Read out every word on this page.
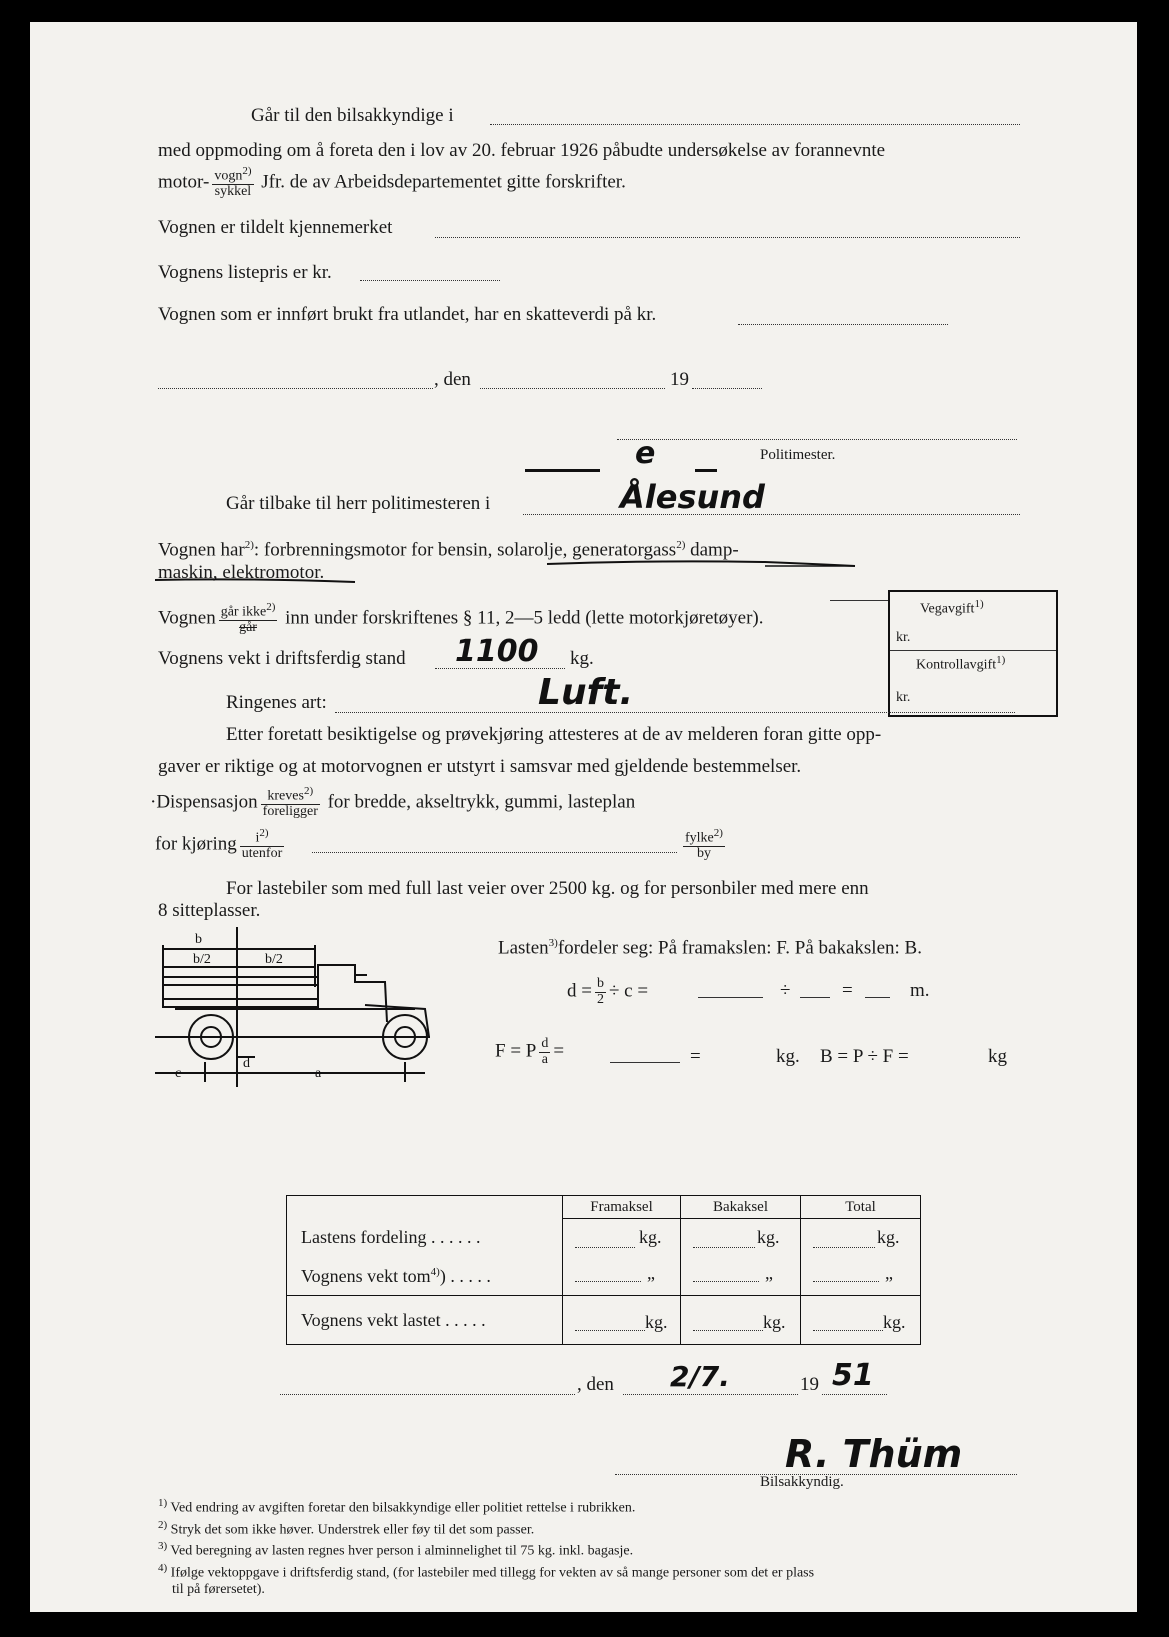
Går til den bilsakkyndige i
med oppmoding om å foreta den i lov av 20. februar 1926 påbudte undersøkelse av forannevnte
motor- $\frac{vogn^{2)}}{\text{sykkel}}$ Jfr. de av Arbeidsdepartementet gitte forskrifter.
Vognen er tildelt kjennemerket
Vognens listepris er kr.
Vognen som er innført brukt fra utlandet, har en skatteverdi på kr.
, den	19
e	Politimester.
Går tilbake til herr politimesteren i	Ålesund
Vognen har$^{2)}$: forbrenningsmotor for bensin, solarolje, generatorgass$^{2)}$ damp-
maskin, elektromotor.
Vegavgift$^{1)}$
kr.
Kontrollavgift$^{1)}$
kr.
Vognen $\frac{går ikke^{2)}}{\text{går}}$ inn under forskriftenes § 11, 2—5 ledd (lette motorkjøretøyer).
Vognens vekt i driftsferdig stand 1100 kg.
Ringenes art:	Luft.
Etter foretatt besiktigelse og prøvekjøring attesteres at de av melderen foran gitte opp-
gaver er riktige og at motorvognen er utstyrt i samsvar med gjeldende bestemmelser.
·Dispensasjon $\frac{kreves^{2)}}{\text{foreligger}}$ for bredde, akseltrykk, gummi, lasteplan
for kjøring $\frac{i^{2)}}{\text{utenfor}}$	$\frac{fylke^{2)}}{by}$
For lastebiler som med full last veier over 2500 kg. og for personbiler med mere enn
8 sitteplasser.
b
b/2	b/2
c
d
a
Lasten$^{3)}$fordeler seg: På framakslen: F. På bakakslen: B.
$d = \frac{b}{2} \div c$ =	÷	=	m.
F = P $\frac{d}{a}$ =	=	kg. B = P ÷ F =	kg
	Framaksel	Bakaksel	Total
Lastens fordeling . . . . . .	kg.	kg.	kg.

Vognens vekt tom$^{4)}$) . . . . .	„	„	„

Vognens vekt lastet . . . . .	kg.	kg.	kg.
, den 2/7.	19 51
R. Thüm
Bilsakkyndig.
$^{1)}$ Ved endring av avgiften foretar den bilsakkyndige eller politiet rettelse i rubrikken.
$^{2)}$ Stryk det som ikke høver. Understrek eller føy til det som passer.
$^{3)}$ Ved beregning av lasten regnes hver person i alminnelighet til 75 kg. inkl. bagasje.
$^{4)}$ Ifølge vektoppgave i driftsferdig stand, (for lastebiler med tillegg for vekten av så mange personer som det er plass
til på førersetet).
